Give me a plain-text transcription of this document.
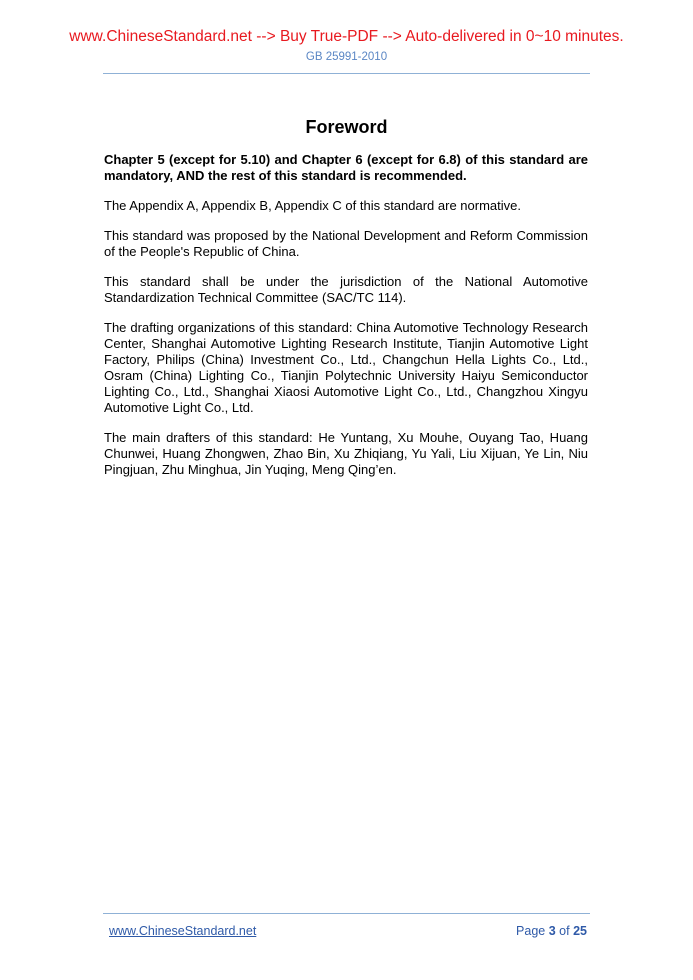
www.ChineseStandard.net --> Buy True-PDF --> Auto-delivered in 0~10 minutes.
GB 25991-2010
Foreword

Chapter 5 (except for 5.10) and Chapter 6 (except for 6.8) of this standard are mandatory, AND the rest of this standard is recommended.

The Appendix A, Appendix B, Appendix C of this standard are normative.

This standard was proposed by the National Development and Reform Commission of the People's Republic of China.

This standard shall be under the jurisdiction of the National Automotive Standardization Technical Committee (SAC/TC 114).

The drafting organizations of this standard: China Automotive Technology Research Center, Shanghai Automotive Lighting Research Institute, Tianjin Automotive Light Factory, Philips (China) Investment Co., Ltd., Changchun Hella Lights Co., Ltd., Osram (China) Lighting Co., Tianjin Polytechnic University Haiyu Semiconductor Lighting Co., Ltd., Shanghai Xiaosi Automotive Light Co., Ltd., Changzhou Xingyu Automotive Light Co., Ltd.

The main drafters of this standard: He Yuntang, Xu Mouhe, Ouyang Tao, Huang Chunwei, Huang Zhongwen, Zhao Bin, Xu Zhiqiang, Yu Yali, Liu Xijuan, Ye Lin, Niu Pingjuan, Zhu Minghua, Jin Yuqing, Meng Qing’en.

www.ChineseStandard.net	Page 3 of 25
